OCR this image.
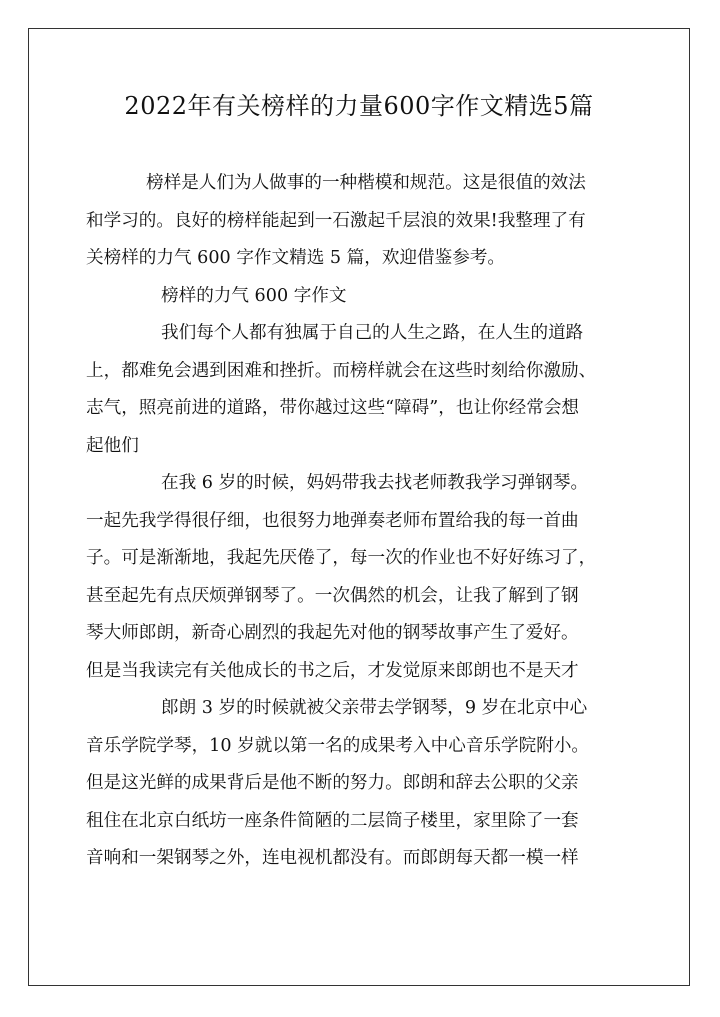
2022年有关榜样的力量600字作文精选5篇
榜样是人们为人做事的一种楷模和规范。这是很值的效法
和学习的。良好的榜样能起到一石激起千层浪的效果!我整理了有
关榜样的力气 600 字作文精选 5 篇，欢迎借鉴参考。
榜样的力气 600 字作文
我们每个人都有独属于自己的人生之路，在人生的道路
上，都难免会遇到困难和挫折。而榜样就会在这些时刻给你激励、
志气，照亮前进的道路，带你越过这些“障碍”，也让你经常会想
起他们
在我 6 岁的时候，妈妈带我去找老师教我学习弹钢琴。
一起先我学得很仔细，也很努力地弹奏老师布置给我的每一首曲
子。可是渐渐地，我起先厌倦了，每一次的作业也不好好练习了，
甚至起先有点厌烦弹钢琴了。一次偶然的机会，让我了解到了钢
琴大师郎朗，新奇心剧烈的我起先对他的钢琴故事产生了爱好。
但是当我读完有关他成长的书之后，才发觉原来郎朗也不是天才
郎朗 3 岁的时候就被父亲带去学钢琴，9 岁在北京中心
音乐学院学琴，10 岁就以第一名的成果考入中心音乐学院附小。
但是这光鲜的成果背后是他不断的努力。郎朗和辞去公职的父亲
租住在北京白纸坊一座条件简陋的二层筒子楼里，家里除了一套
音响和一架钢琴之外，连电视机都没有。而郎朗每天都一模一样
